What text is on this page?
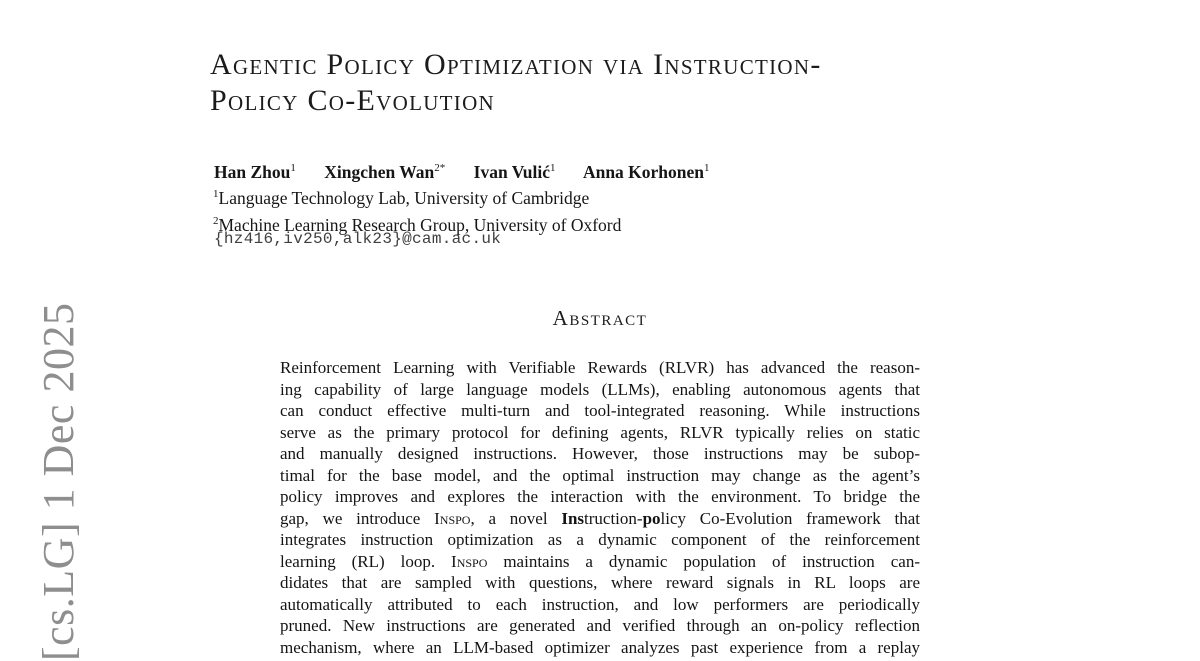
[cs.LG] 1 Dec 2025
Agentic Policy Optimization via Instruction-
Policy Co-Evolution
Han Zhou$^1$ Xingchen Wan$^{2*}$ Ivan Vulić$^1$ Anna Korhonen$^1$
$^1$Language Technology Lab, University of Cambridge
$^2$Machine Learning Research Group, University of Oxford
{hz416,iv250,alk23}@cam.ac.uk
Abstract
Reinforcement Learning with Verifiable Rewards (RLVR) has advanced the reason-
ing capability of large language models (LLMs), enabling autonomous agents that
can conduct effective multi-turn and tool-integrated reasoning. While instructions
serve as the primary protocol for defining agents, RLVR typically relies on static
and manually designed instructions. However, those instructions may be subop-
timal for the base model, and the optimal instruction may change as the agent’s
policy improves and explores the interaction with the environment. To bridge the
gap, we introduce Inspo, a novel Instruction-policy Co-Evolution framework that
integrates instruction optimization as a dynamic component of the reinforcement
learning (RL) loop. Inspo maintains a dynamic population of instruction can-
didates that are sampled with questions, where reward signals in RL loops are
automatically attributed to each instruction, and low performers are periodically
pruned. New instructions are generated and verified through an on-policy reflection
mechanism, where an LLM-based optimizer analyzes past experience from a replay
